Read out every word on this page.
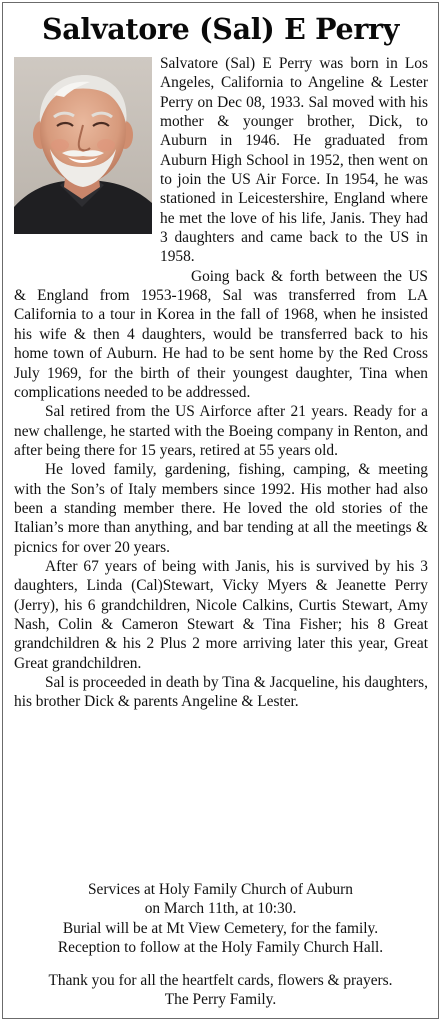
Salvatore (Sal) E Perry

Salvatore (Sal) E Perry was born in Los Angeles, California to Angeline & Lester Perry on Dec 08, 1933. Sal moved with his mother & younger brother, Dick, to Auburn in 1946. He graduated from Auburn High School in 1952, then went on to join the US Air Force. In 1954, he was stationed in Leicestershire, England where he met the love of his life, Janis. They had 3 daughters and came back to the US in 1958.

Going back & forth between the US & England from 1953-1968, Sal was transferred from LA California to a tour in Korea in the fall of 1968, when he insisted his wife & then 4 daughters, would be transferred back to his home town of Auburn. He had to be sent home by the Red Cross July 1969, for the birth of their youngest daughter, Tina when complications needed to be addressed.

Sal retired from the US Airforce after 21 years. Ready for a new challenge, he started with the Boeing company in Renton, and after being there for 15 years, retired at 55 years old.

He loved family, gardening, fishing, camping, & meeting with the Son’s of Italy members since 1992. His mother had also been a standing member there. He loved the old stories of the Italian’s more than anything, and bar tending at all the meetings & picnics for over 20 years.

After 67 years of being with Janis, his is survived by his 3 daughters, Linda (Cal)Stewart, Vicky Myers & Jeanette Perry (Jerry), his 6 grandchildren, Nicole Calkins, Curtis Stewart, Amy Nash, Colin & Cameron Stewart & Tina Fisher; his 8 Great grandchildren & his 2 Plus 2 more arriving later this year, Great Great grandchildren.

Sal is proceeded in death by Tina & Jacqueline, his daughters, his brother Dick & parents Angeline & Lester.

Services at Holy Family Church of Auburn
on March 11th, at 10:30.
Burial will be at Mt View Cemetery, for the family.
Reception to follow at the Holy Family Church Hall.
Thank you for all the heartfelt cards, flowers & prayers.
The Perry Family.
